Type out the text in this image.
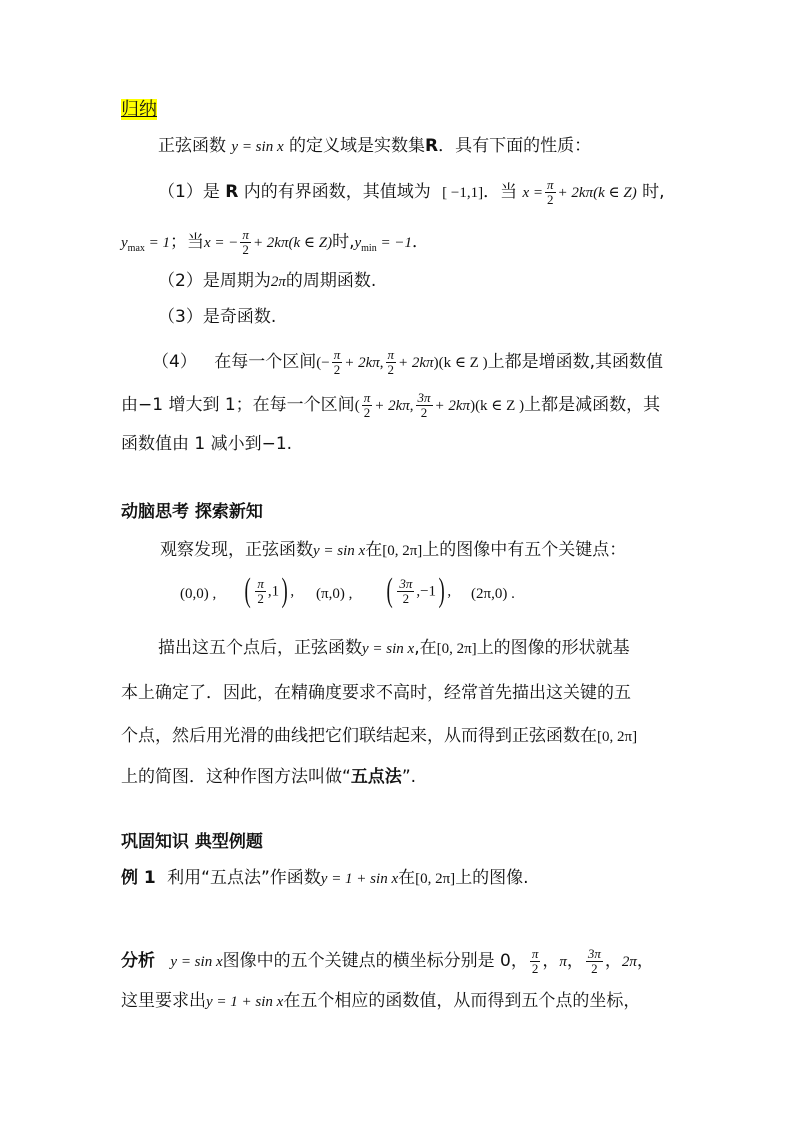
归纳
正弦函数 y = sin x 的定义域是实数集R．具有下面的性质：
（1）是 R 内的有界函数，其值域为 [ −1,1]．当 $x = \frac{\pi}{2} + 2k\pi(k$ ∈ Z) 时,
$y_{max} = 1$；当x = − $\frac{\pi}{2} + 2k\pi(k$ ∈ Z)时$,y_{min} = -1$．
（2）是周期为2π的周期函数.
（3）是奇函数.
（4） 在每一个区间(− $\frac{\pi}{2} + 2k\pi$, $\frac{\pi}{2} + 2k\pi)(k$ ∈ Z )上都是增函数,其函数值
由−1 增大到 1；在每一个区间( $\frac{\pi}{2} + 2k\pi$, $\frac{3\pi}{2} + 2k\pi)(k$ ∈ Z )上都是减函数，其
函数值由 1 减小到−1.
动脑思考 探索新知
观察发现，正弦函数y = sin x在[0, 2π]上的图像中有五个关键点：
(0,0) , ( $\frac{\pi}{2} ,1$) , (π,0) , ( $\frac{3\pi}{2} ,-1$) , (2π,0) .
描出这五个点后，正弦函数y = sin x,在[0, 2π]上的图像的形状就基
本上确定了．因此，在精确度要求不高时，经常首先描出这关键的五
个点，然后用光滑的曲线把它们联结起来，从而得到正弦函数在[0, 2π]
上的简图．这种作图方法叫做“五点法”.
巩固知识 典型例题
例 1 利用“五点法”作函数y = 1 + sin x在[0, 2π]上的图像.
分析 y = sin x图像中的五个关键点的横坐标分别是 0， $\frac{\pi}{2}$ ，π， $\frac{3\pi}{2}$ ，2π，
这里要求出y = 1 + sin x在五个相应的函数值，从而得到五个点的坐标，
